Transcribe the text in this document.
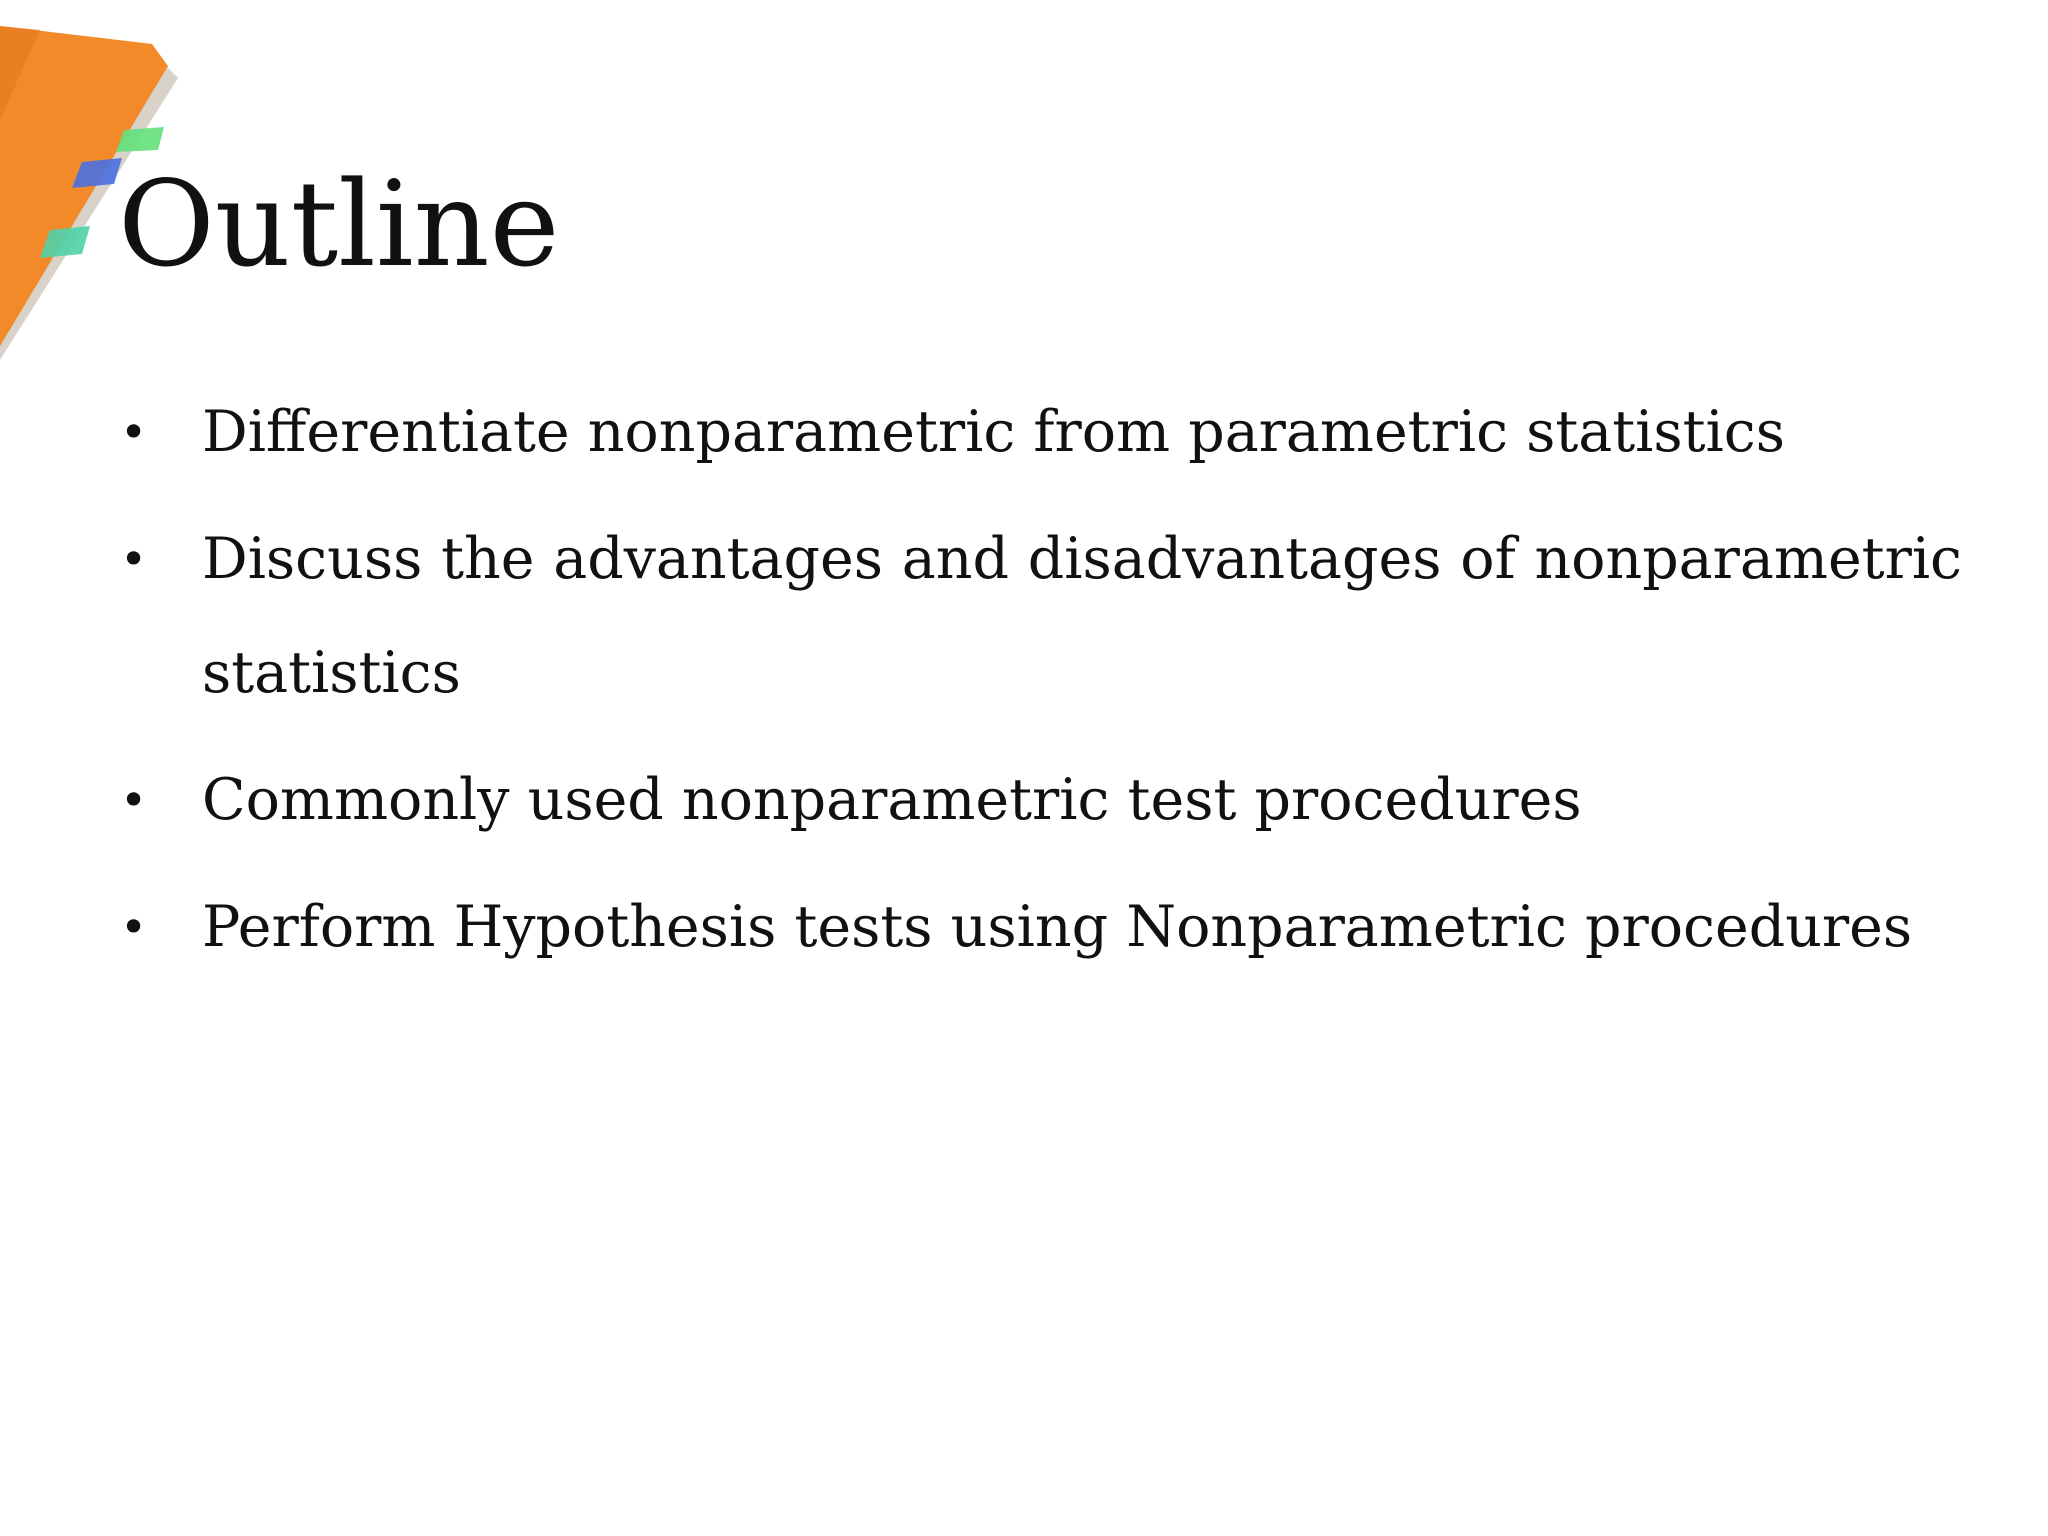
Outline
• Differentiate nonparametric from parametric statistics
• Discuss the advantages and disadvantages of nonparametric statistics
• Commonly used nonparametric test procedures
• Perform Hypothesis tests using Nonparametric procedures
